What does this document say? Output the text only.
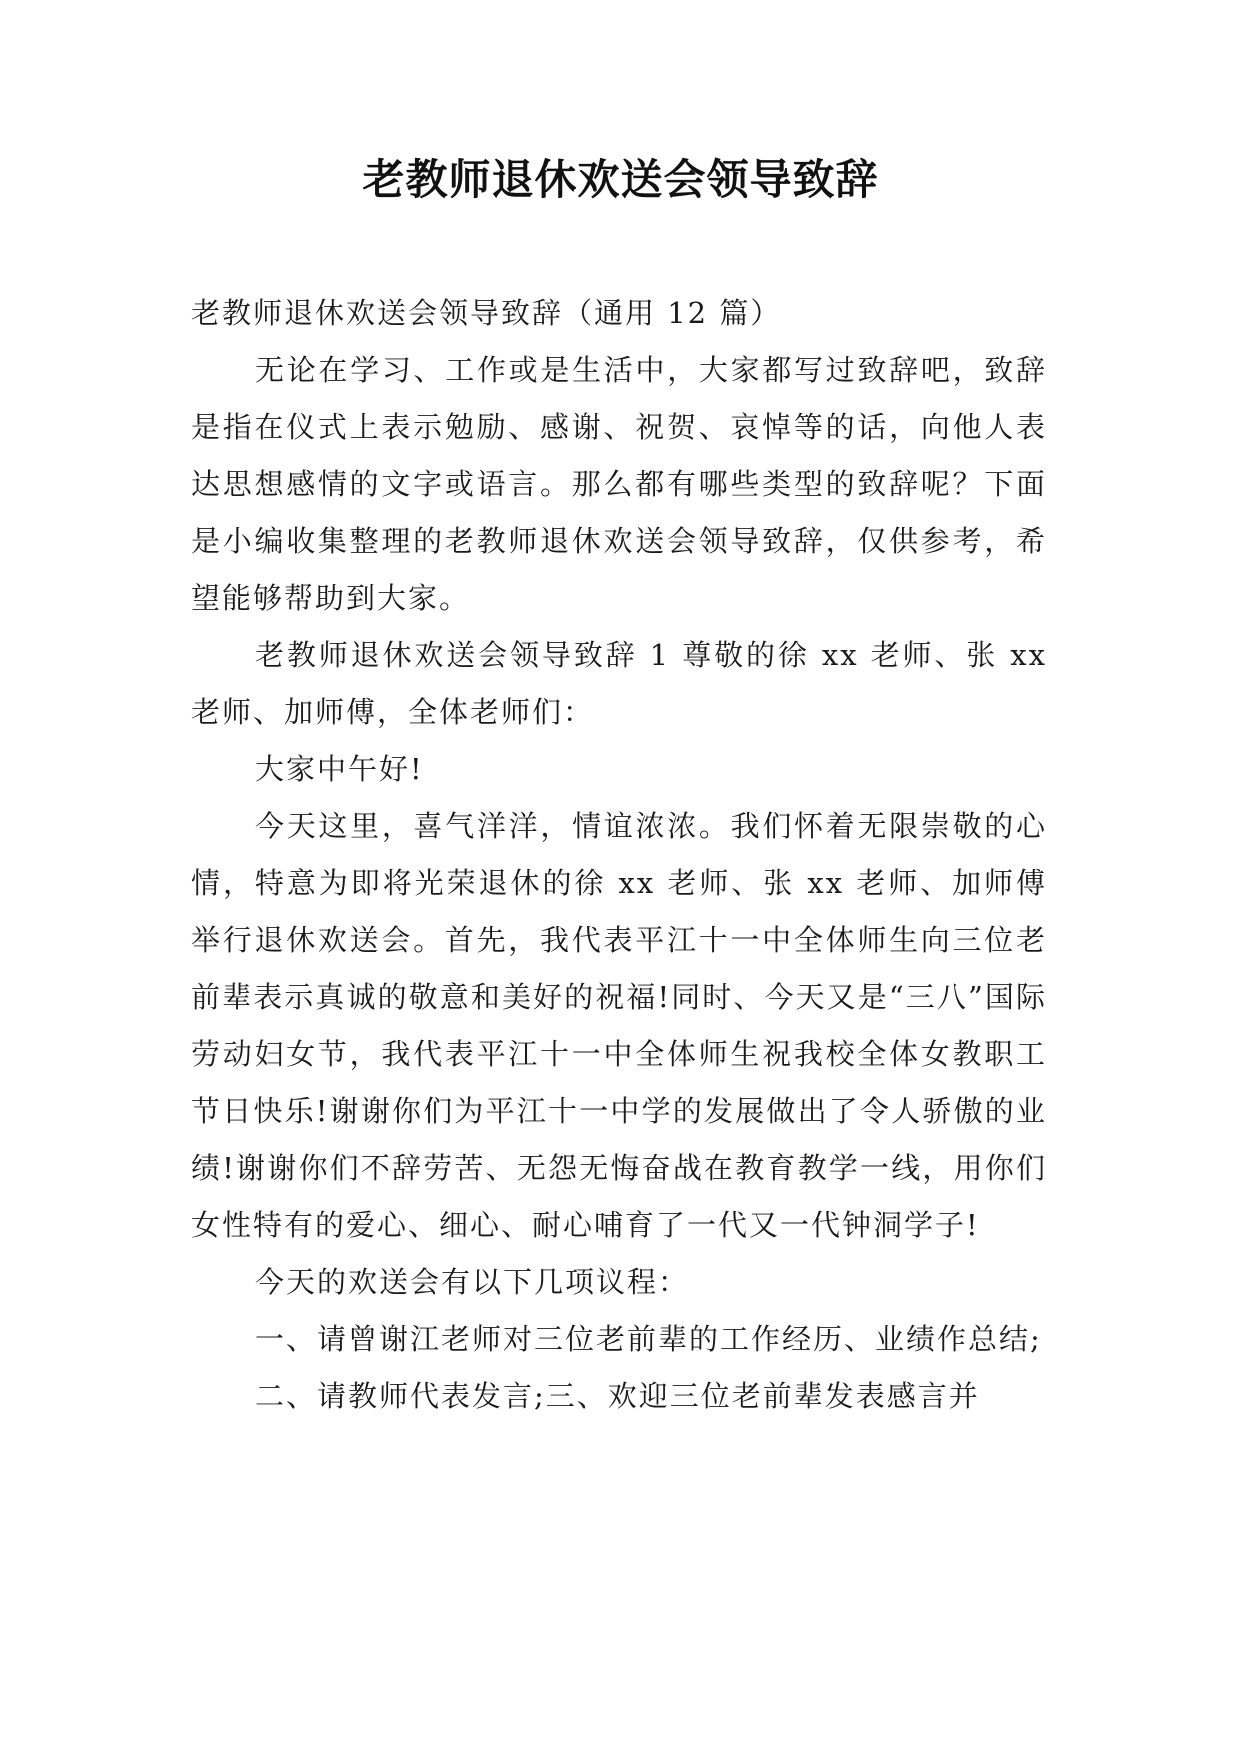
老教师退休欢送会领导致辞

老教师退休欢送会领导致辞（通用 12 篇）

无论在学习、工作或是生活中，大家都写过致辞吧，致辞是指在仪式上表示勉励、感谢、祝贺、哀悼等的话，向他人表达思想感情的文字或语言。那么都有哪些类型的致辞呢？下面是小编收集整理的老教师退休欢送会领导致辞，仅供参考，希望能够帮助到大家。

老教师退休欢送会领导致辞 1 尊敬的徐 xx 老师、张 xx 老师、加师傅，全体老师们：

大家中午好!

今天这里，喜气洋洋，情谊浓浓。我们怀着无限崇敬的心情，特意为即将光荣退休的徐 xx 老师、张 xx 老师、加师傅举行退休欢送会。首先，我代表平江十一中全体师生向三位老前辈表示真诚的敬意和美好的祝福!同时、今天又是“三八”国际劳动妇女节，我代表平江十一中全体师生祝我校全体女教职工节日快乐!谢谢你们为平江十一中学的发展做出了令人骄傲的业绩!谢谢你们不辞劳苦、无怨无悔奋战在教育教学一线，用你们女性特有的爱心、细心、耐心哺育了一代又一代钟洞学子!

今天的欢送会有以下几项议程：

一、请曾谢江老师对三位老前辈的工作经历、业绩作总结;

二、请教师代表发言;三、欢迎三位老前辈发表感言并
